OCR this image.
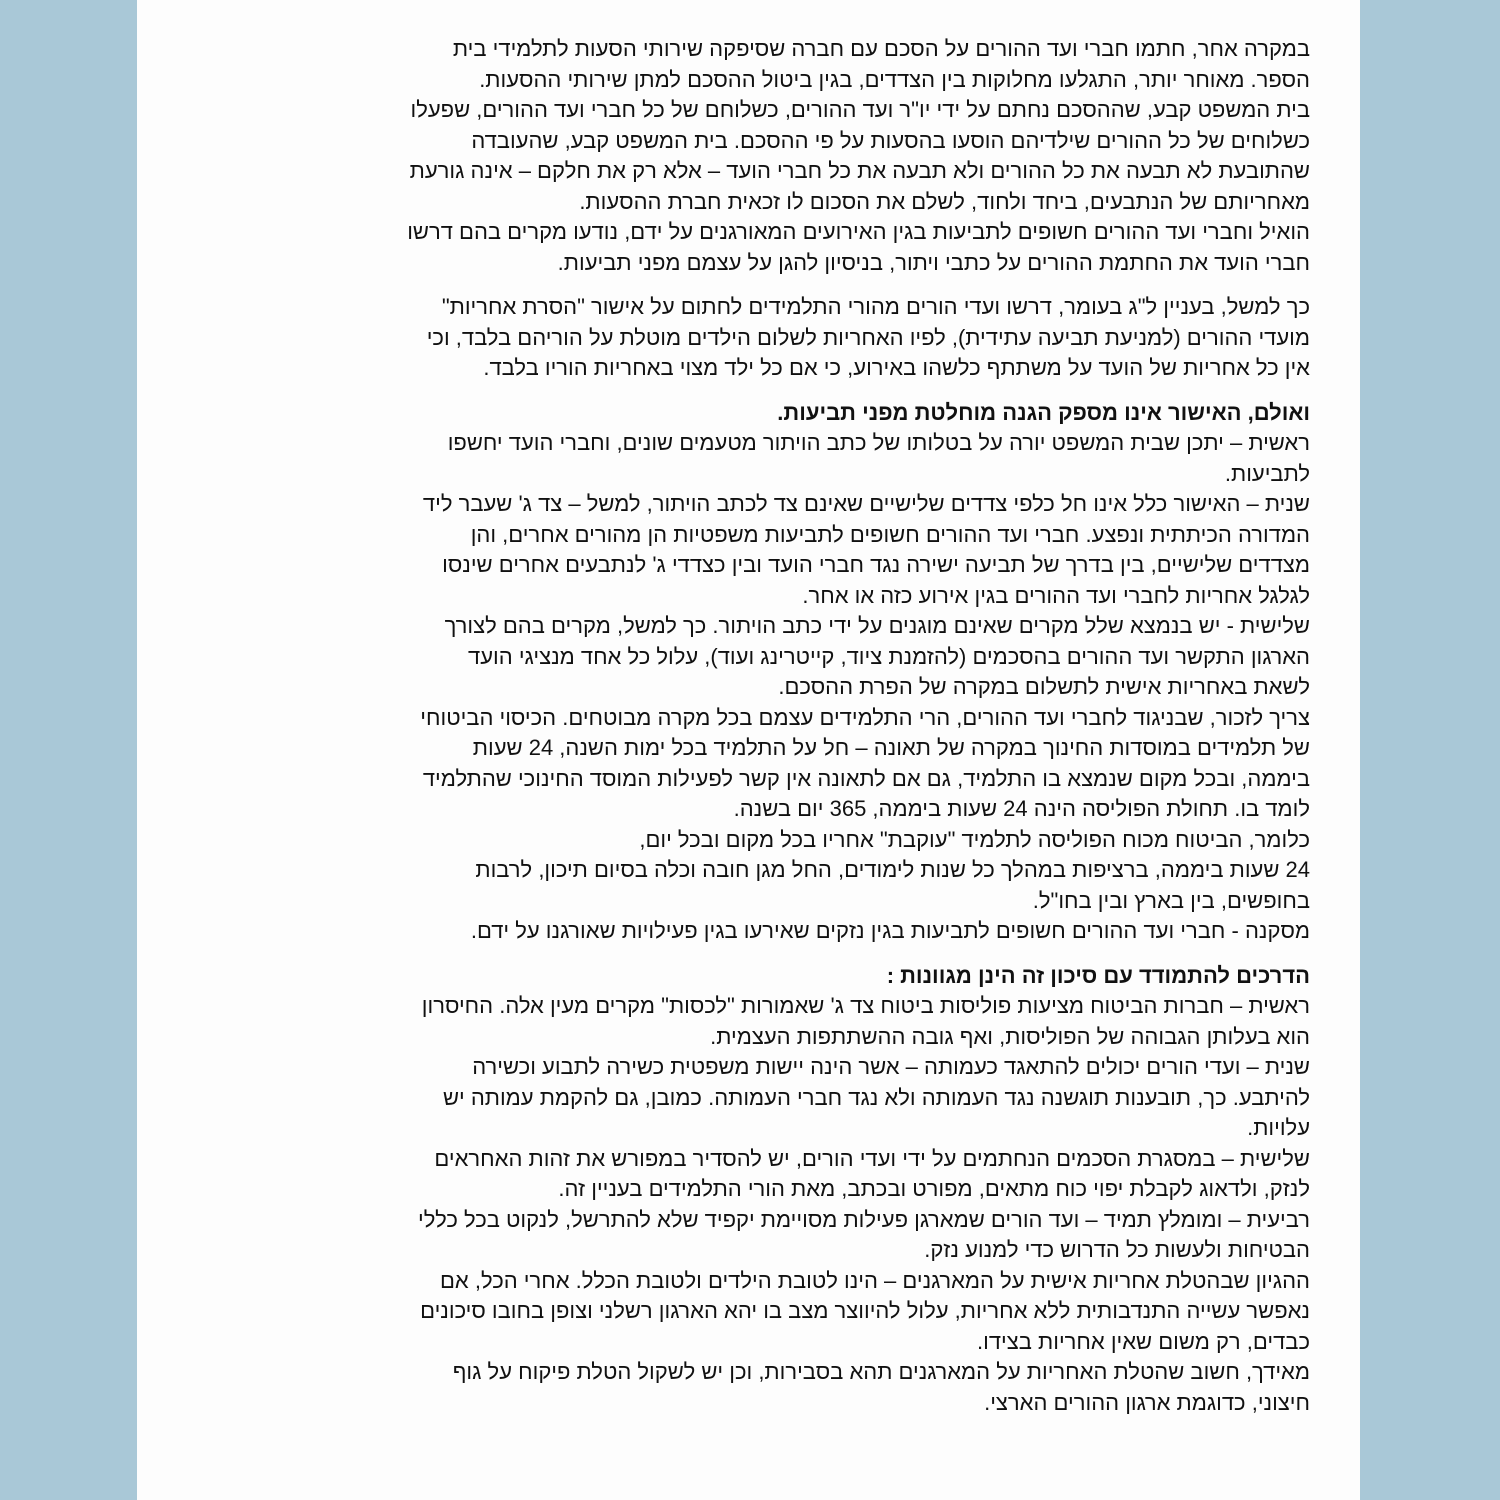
במקרה אחר, חתמו חברי ועד ההורים על הסכם עם חברה שסיפקה שירותי הסעות לתלמידי בית
הספר. מאוחר יותר, התגלעו מחלוקות בין הצדדים, בגין ביטול ההסכם למתן שירותי ההסעות.
בית המשפט קבע, שההסכם נחתם על ידי יו"ר ועד ההורים, כשלוחם של כל חברי ועד ההורים, שפעלו
כשלוחים של כל ההורים שילדיהם הוסעו בהסעות על פי ההסכם. בית המשפט קבע, שהעובדה
שהתובעת לא תבעה את כל ההורים ולא תבעה את כל חברי הועד – אלא רק את חלקם – אינה גורעת
מאחריותם של הנתבעים, ביחד ולחוד, לשלם את הסכום לו זכאית חברת ההסעות.
הואיל וחברי ועד ההורים חשופים לתביעות בגין האירועים המאורגנים על ידם, נודעו מקרים בהם דרשו
חברי הועד את החתמת ההורים על כתבי ויתור, בניסיון להגן על עצמם מפני תביעות.
כך למשל, בעניין ל"ג בעומר, דרשו ועדי הורים מהורי התלמידים לחתום על אישור "הסרת אחריות"
מועדי ההורים (למניעת תביעה עתידית), לפיו האחריות לשלום הילדים מוטלת על הוריהם בלבד, וכי
אין כל אחריות של הועד על משתתף כלשהו באירוע, כי אם כל ילד מצוי באחריות הוריו בלבד.
ואולם, האישור אינו מספק הגנה מוחלטת מפני תביעות.
ראשית – יתכן שבית המשפט יורה על בטלותו של כתב הויתור מטעמים שונים, וחברי הועד יחשפו
לתביעות.
שנית – האישור כלל אינו חל כלפי צדדים שלישיים שאינם צד לכתב הויתור, למשל – צד ג' שעבר ליד
המדורה הכיתתית ונפצע. חברי ועד ההורים חשופים לתביעות משפטיות הן מהורים אחרים, והן
מצדדים שלישיים, בין בדרך של תביעה ישירה נגד חברי הועד ובין כצדדי ג' לנתבעים אחרים שינסו
לגלגל אחריות לחברי ועד ההורים בגין אירוע כזה או אחר.
שלישית - יש בנמצא שלל מקרים שאינם מוגנים על ידי כתב הויתור. כך למשל, מקרים בהם לצורך
הארגון התקשר ועד ההורים בהסכמים (להזמנת ציוד, קייטרינג ועוד), עלול כל אחד מנציגי הועד
לשאת באחריות אישית לתשלום במקרה של הפרת ההסכם.
צריך לזכור, שבניגוד לחברי ועד ההורים, הרי התלמידים עצמם בכל מקרה מבוטחים. הכיסוי הביטוחי
של תלמידים במוסדות החינוך במקרה של תאונה – חל על התלמיד בכל ימות השנה, 24 שעות
ביממה, ובכל מקום שנמצא בו התלמיד, גם אם לתאונה אין קשר לפעילות המוסד החינוכי שהתלמיד
לומד בו. תחולת הפוליסה הינה 24 שעות ביממה, 365 יום בשנה.
כלומר, הביטוח מכוח הפוליסה לתלמיד "עוקבת" אחריו בכל מקום ובכל יום,
24 שעות ביממה, ברציפות במהלך כל שנות לימודים, החל מגן חובה וכלה בסיום תיכון, לרבות
בחופשים, בין בארץ ובין בחו"ל.
מסקנה - חברי ועד ההורים חשופים לתביעות בגין נזקים שאירעו בגין פעילויות שאורגנו על ידם.
הדרכים להתמודד עם סיכון זה הינן מגוונות :
ראשית – חברות הביטוח מציעות פוליסות ביטוח צד ג' שאמורות "לכסות" מקרים מעין אלה. החיסרון
הוא בעלותן הגבוהה של הפוליסות, ואף גובה ההשתתפות העצמית.
שנית – ועדי הורים יכולים להתאגד כעמותה – אשר הינה יישות משפטית כשירה לתבוע וכשירה
להיתבע. כך, תובענות תוגשנה נגד העמותה ולא נגד חברי העמותה. כמובן, גם להקמת עמותה יש
עלויות.
שלישית – במסגרת הסכמים הנחתמים על ידי ועדי הורים, יש להסדיר במפורש את זהות האחראים
לנזק, ולדאוג לקבלת יפוי כוח מתאים, מפורט ובכתב, מאת הורי התלמידים בעניין זה.
רביעית – ומומלץ תמיד – ועד הורים שמארגן פעילות מסויימת יקפיד שלא להתרשל, לנקוט בכל כללי
הבטיחות ולעשות כל הדרוש כדי למנוע נזק.
ההגיון שבהטלת אחריות אישית על המארגנים – הינו לטובת הילדים ולטובת הכלל. אחרי הכל, אם
נאפשר עשייה התנדבותית ללא אחריות, עלול להיווצר מצב בו יהא הארגון רשלני וצופן בחובו סיכונים
כבדים, רק משום שאין אחריות בצידו.
מאידך, חשוב שהטלת האחריות על המארגנים תהא בסבירות, וכן יש לשקול הטלת פיקוח על גוף
חיצוני, כדוגמת ארגון ההורים הארצי.
